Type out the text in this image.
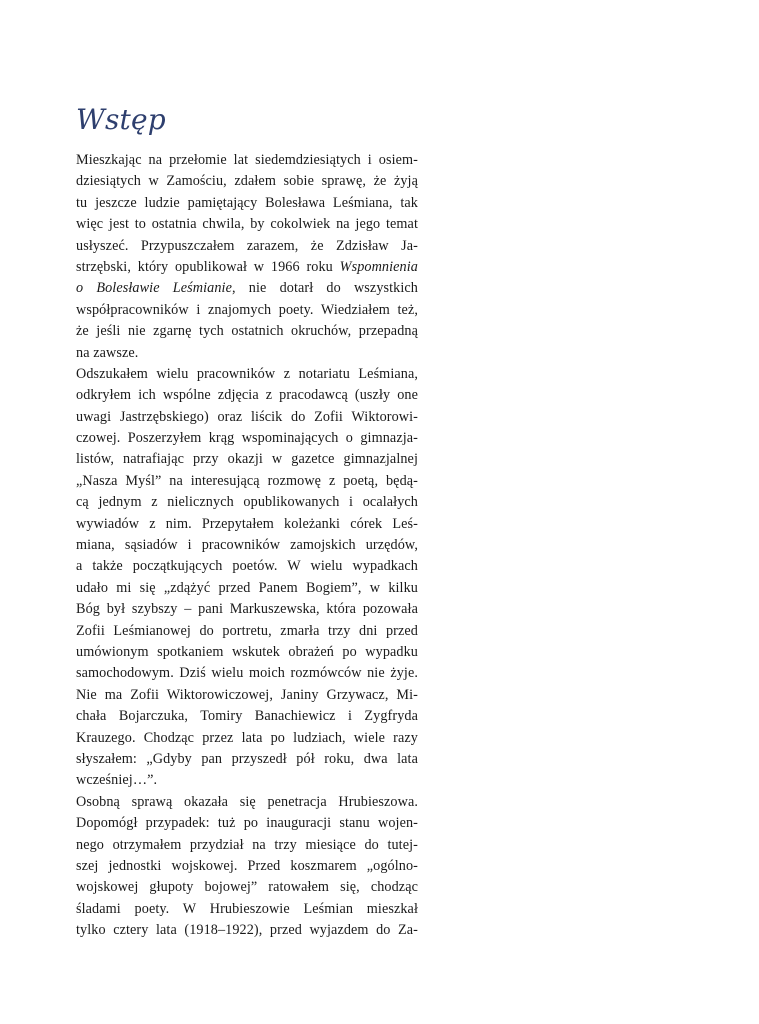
Wstęp
Mieszkając na przełomie lat siedemdziesiątych i osiem-
dziesiątych w Zamościu, zdałem sobie sprawę, że żyją
tu jeszcze ludzie pamiętający Bolesława Leśmiana, tak
więc jest to ostatnia chwila, by cokolwiek na jego temat
usłyszeć. Przypuszczałem zarazem, że Zdzisław Ja-
strzębski, który opublikował w 1966 roku Wspomnienia
o Bolesławie Leśmianie, nie dotarł do wszystkich
współpracowników i znajomych poety. Wiedziałem też,
że jeśli nie zgarnę tych ostatnich okruchów, przepadną
na zawsze.
Odszukałem wielu pracowników z notariatu Leśmiana,
odkryłem ich wspólne zdjęcia z pracodawcą (uszły one
uwagi Jastrzębskiego) oraz liścik do Zofii Wiktorowi-
czowej. Poszerzyłem krąg wspominających o gimnazja-
listów, natrafiając przy okazji w gazetce gimnazjalnej
„Nasza Myśl” na interesującą rozmowę z poetą, będą-
cą jednym z nielicznych opublikowanych i ocalałych
wywiadów z nim. Przepytałem koleżanki córek Leś-
miana, sąsiadów i pracowników zamojskich urzędów,
a także początkujących poetów. W wielu wypadkach
udało mi się „zdążyć przed Panem Bogiem”, w kilku
Bóg był szybszy – pani Markuszewska, która pozowała
Zofii Leśmianowej do portretu, zmarła trzy dni przed
umówionym spotkaniem wskutek obrażeń po wypadku
samochodowym. Dziś wielu moich rozmówców nie żyje.
Nie ma Zofii Wiktorowiczowej, Janiny Grzywacz, Mi-
chała Bojarczuka, Tomiry Banachiewicz i Zygfryda
Krauzego. Chodząc przez lata po ludziach, wiele razy
słyszałem: „Gdyby pan przyszedł pół roku, dwa lata
wcześniej…”.
Osobną sprawą okazała się penetracja Hrubieszowa.
Dopomógł przypadek: tuż po inauguracji stanu wojen-
nego otrzymałem przydział na trzy miesiące do tutej-
szej jednostki wojskowej. Przed koszmarem „ogólno-
wojskowej głupoty bojowej” ratowałem się, chodząc
śladami poety. W Hrubieszowie Leśmian mieszkał
tylko cztery lata (1918–1922), przed wyjazdem do Za-
